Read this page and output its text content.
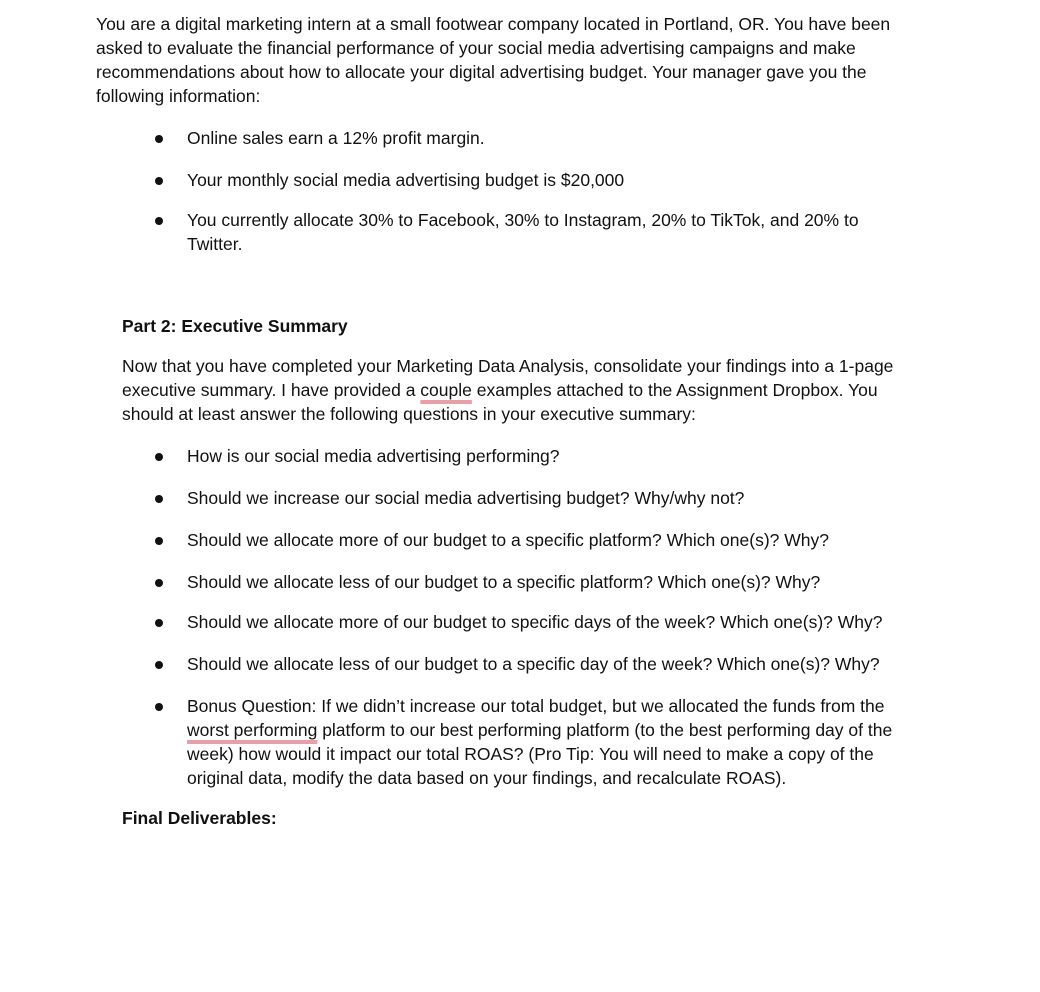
You are a digital marketing intern at a small footwear company located in Portland, OR. You have been asked to evaluate the financial performance of your social media advertising campaigns and make recommendations about how to allocate your digital advertising budget. Your manager gave you the following information:

Online sales earn a 12% profit margin.
Your monthly social media advertising budget is $20,000
You currently allocate 30% to Facebook, 30% to Instagram, 20% to TikTok, and 20% to Twitter.

Part 2: Executive Summary

Now that you have completed your Marketing Data Analysis, consolidate your findings into a 1-page executive summary. I have provided a couple examples attached to the Assignment Dropbox. You should at least answer the following questions in your executive summary:

How is our social media advertising performing?
Should we increase our social media advertising budget? Why/why not?
Should we allocate more of our budget to a specific platform? Which one(s)? Why?
Should we allocate less of our budget to a specific platform? Which one(s)? Why?
Should we allocate more of our budget to specific days of the week? Which one(s)? Why?
Should we allocate less of our budget to a specific day of the week? Which one(s)? Why?
Bonus Question: If we didn’t increase our total budget, but we allocated the funds from the worst performing platform to our best performing platform (to the best performing day of the week) how would it impact our total ROAS? (Pro Tip: You will need to make a copy of the original data, modify the data based on your findings, and recalculate ROAS).

Final Deliverables:
